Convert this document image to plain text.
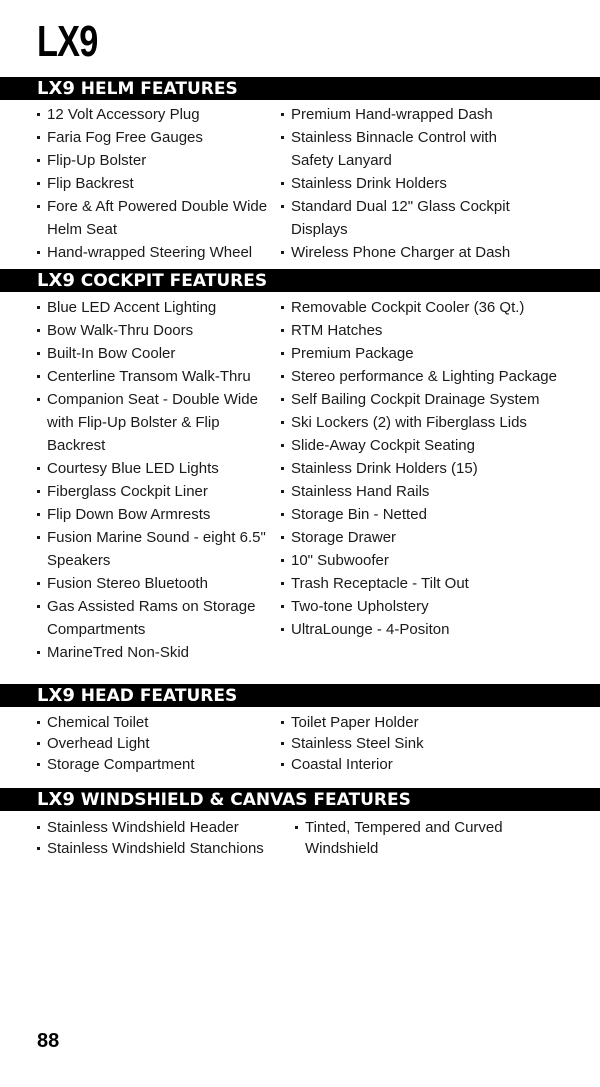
LX9
LX9 HELM FEATURES
12 Volt Accessory Plug
Faria Fog Free Gauges
Flip-Up Bolster
Flip Backrest
Fore & Aft Powered Double Wide Helm Seat
Hand-wrapped Steering Wheel
Premium Hand-wrapped Dash
Stainless Binnacle Control with Safety Lanyard
Stainless Drink Holders
Standard Dual 12" Glass Cockpit Displays
Wireless Phone Charger at Dash
LX9 COCKPIT FEATURES
Blue LED Accent Lighting
Bow Walk-Thru Doors
Built-In Bow Cooler
Centerline Transom Walk-Thru
Companion Seat - Double Wide with Flip-Up Bolster & Flip Backrest
Courtesy Blue LED Lights
Fiberglass Cockpit Liner
Flip Down Bow Armrests
Fusion Marine Sound - eight 6.5" Speakers
Fusion Stereo Bluetooth
Gas Assisted Rams on Storage Compartments
MarineTred Non-Skid
Removable Cockpit Cooler (36 Qt.)
RTM Hatches
Premium Package
Stereo performance & Lighting Package
Self Bailing Cockpit Drainage System
Ski Lockers (2) with Fiberglass Lids
Slide-Away Cockpit Seating
Stainless Drink Holders (15)
Stainless Hand Rails
Storage Bin - Netted
Storage Drawer
10" Subwoofer
Trash Receptacle - Tilt Out
Two-tone Upholstery
UltraLounge - 4-Positon
LX9 HEAD FEATURES
Chemical Toilet
Overhead Light
Storage Compartment
Toilet Paper Holder
Stainless Steel Sink
Coastal Interior
LX9 WINDSHIELD & CANVAS FEATURES
Stainless Windshield Header
Stainless Windshield Stanchions
Tinted, Tempered and Curved Windshield
88
